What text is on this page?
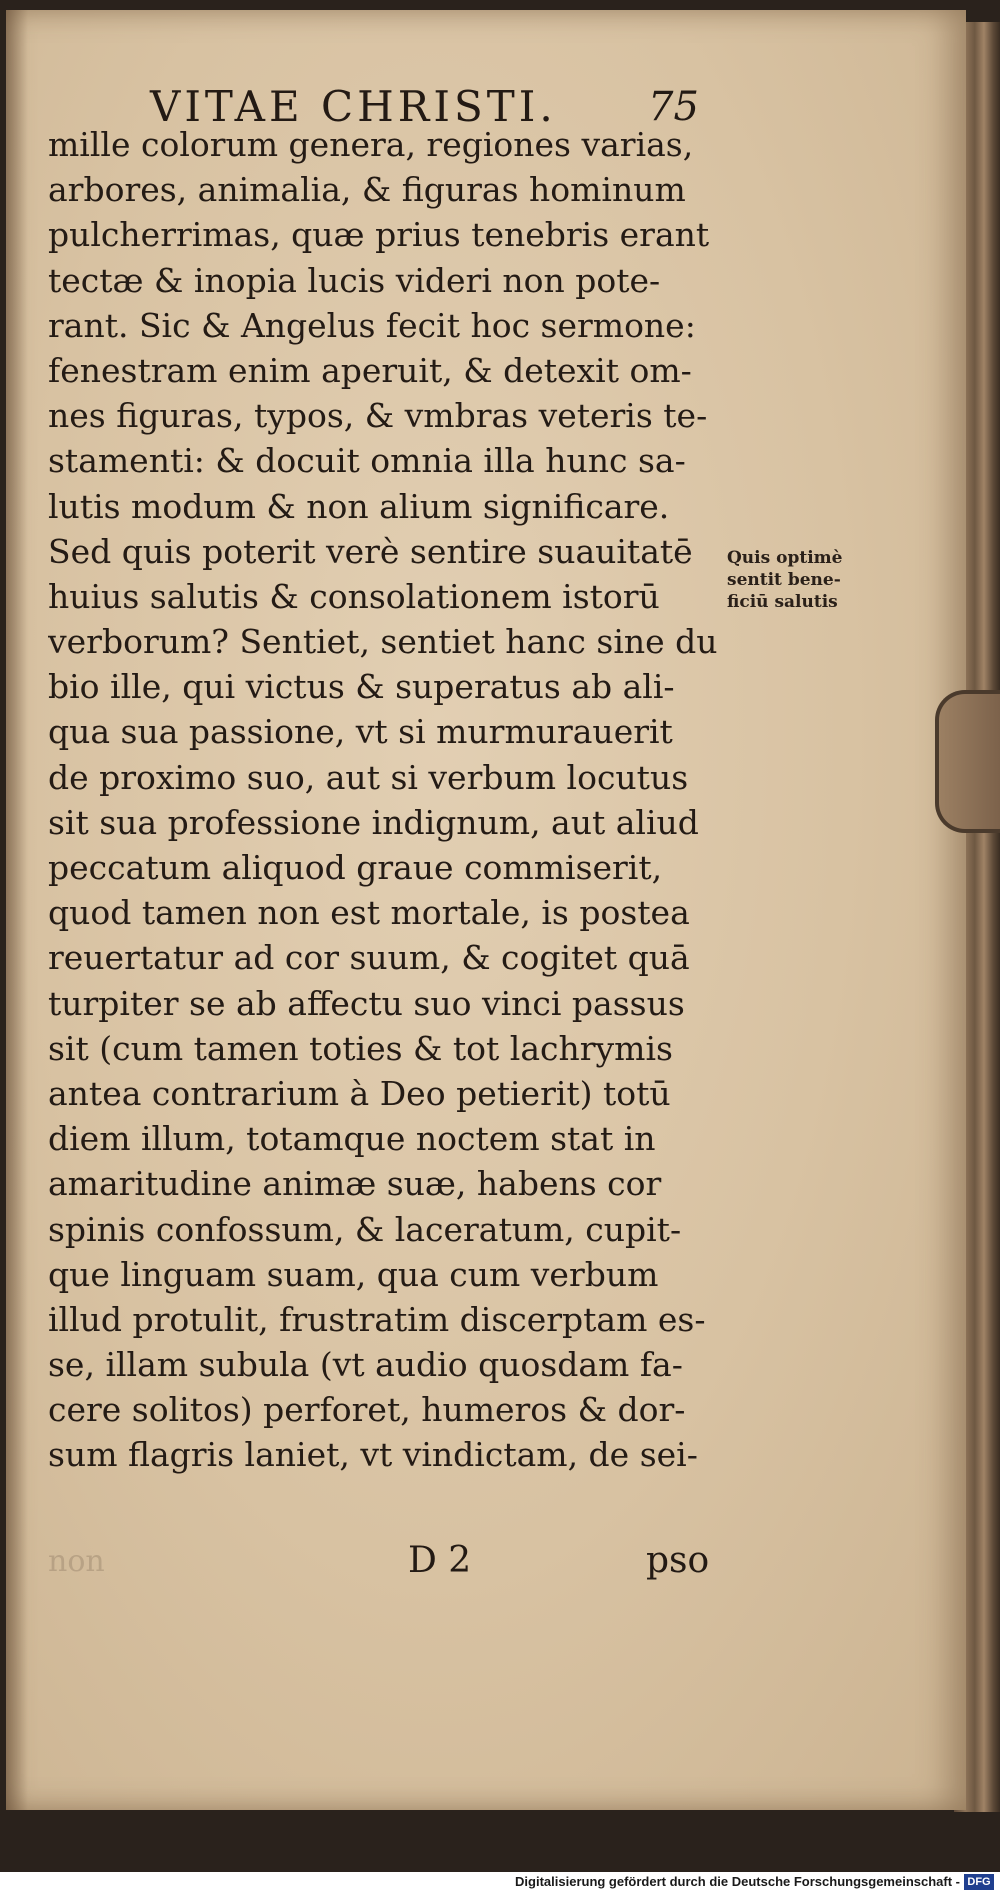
VITAE CHRISTI. 75
mille colorum genera, regiones varias,
arbores, animalia, & figuras hominum
pulcherrimas, quæ prius tenebris erant
tectæ & inopia lucis videri non pote-
rant. Sic & Angelus fecit hoc sermone:
fenestram enim aperuit, & detexit om-
nes figuras, typos, & vmbras veteris te-
stamenti: & docuit omnia illa hunc sa-
lutis modum & non alium significare.
Sed quis poterit verè sentire suauitatē
huius salutis & consolationem istorū
verborum? Sentiet, sentiet hanc sine du
bio ille, qui victus & superatus ab ali-
qua sua passione, vt si murmurauerit
de proximo suo, aut si verbum locutus
sit sua professione indignum, aut aliud
peccatum aliquod graue commiserit,
quod tamen non est mortale, is postea
reuertatur ad cor suum, & cogitet quā
turpiter se ab affectu suo vinci passus
sit (cum tamen toties & tot lachrymis
antea contrarium à Deo petierit) totū
diem illum, totamque noctem stat in
amaritudine animæ suæ, habens cor
spinis confossum, & laceratum, cupit-
que linguam suam, qua cum verbum
illud protulit, frustratim discerptam es-
se, illam subula (vt audio quosdam fa-
cere solitos) perforet, humeros & dor-
sum flagris laniet, vt vindictam, de sei-
Quis optimè
sentit bene-
ficiū salutis
non	D 2	pso
Digitalisierung gefördert durch die Deutsche Forschungsgemeinschaft - DFG
